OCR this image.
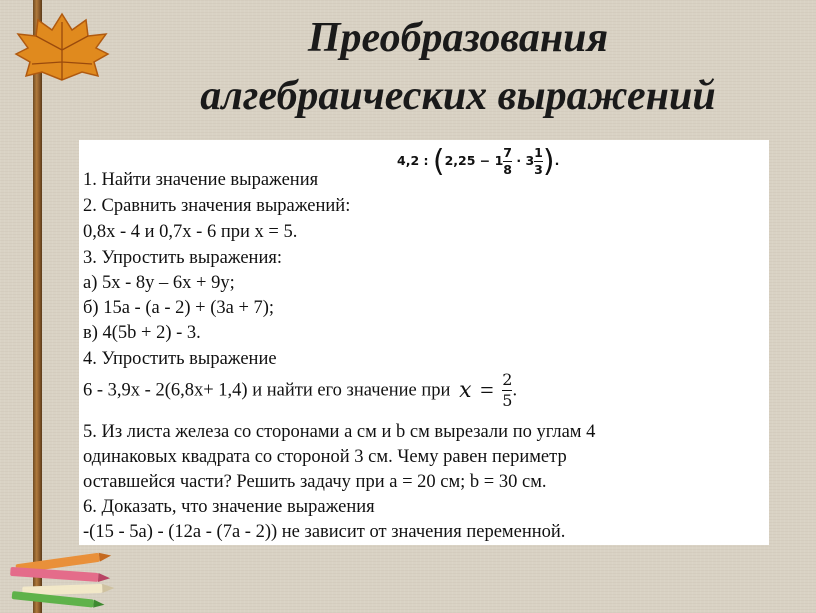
Преобразования
алгебраических выражений
4,2 : ($2,25 - 1 \frac{7}{8} \cdot 3 \frac{1}{3}$ ).
1. Найти значение выражения
2. Сравнить значения выражений:
0,8x - 4 и 0,7x - 6 при x = 5.
3. Упростить выражения:
а) 5x - 8y – 6x + 9y;
б) 15a - (a - 2) + (3a + 7);
в) 4(5b + 2) - 3.
4. Упростить выражение
6 - 3,9x - 2(6,8x+ 1,4) и найти его значение при $x = \frac{2}{5}$ .
5. Из листа железа со сторонами а см и b см вырезали по углам 4
одинаковых квадрата со стороной 3 см. Чему равен периметр
оставшейся части? Решить задачу при а = 20 см; b = 30 см.
6. Доказать, что значение выражения
-(15 - 5а) - (12а - (7а - 2)) не зависит от значения переменной.
